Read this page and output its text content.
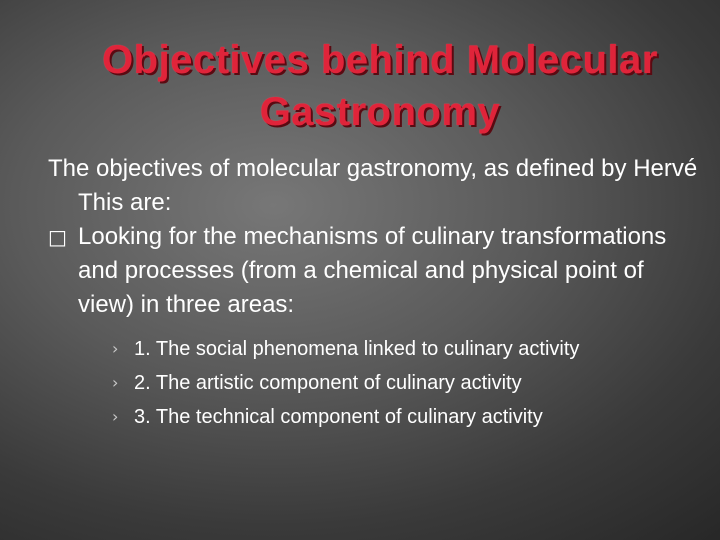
Objectives behind Molecular
Gastronomy

The objectives of molecular gastronomy, as defined by Hervé This are:

□ Looking for the mechanisms of culinary transformations and processes (from a chemical and physical point of view) in three areas:
› 1. The social phenomena linked to culinary activity
› 2. The artistic component of culinary activity
› 3. The technical component of culinary activity
